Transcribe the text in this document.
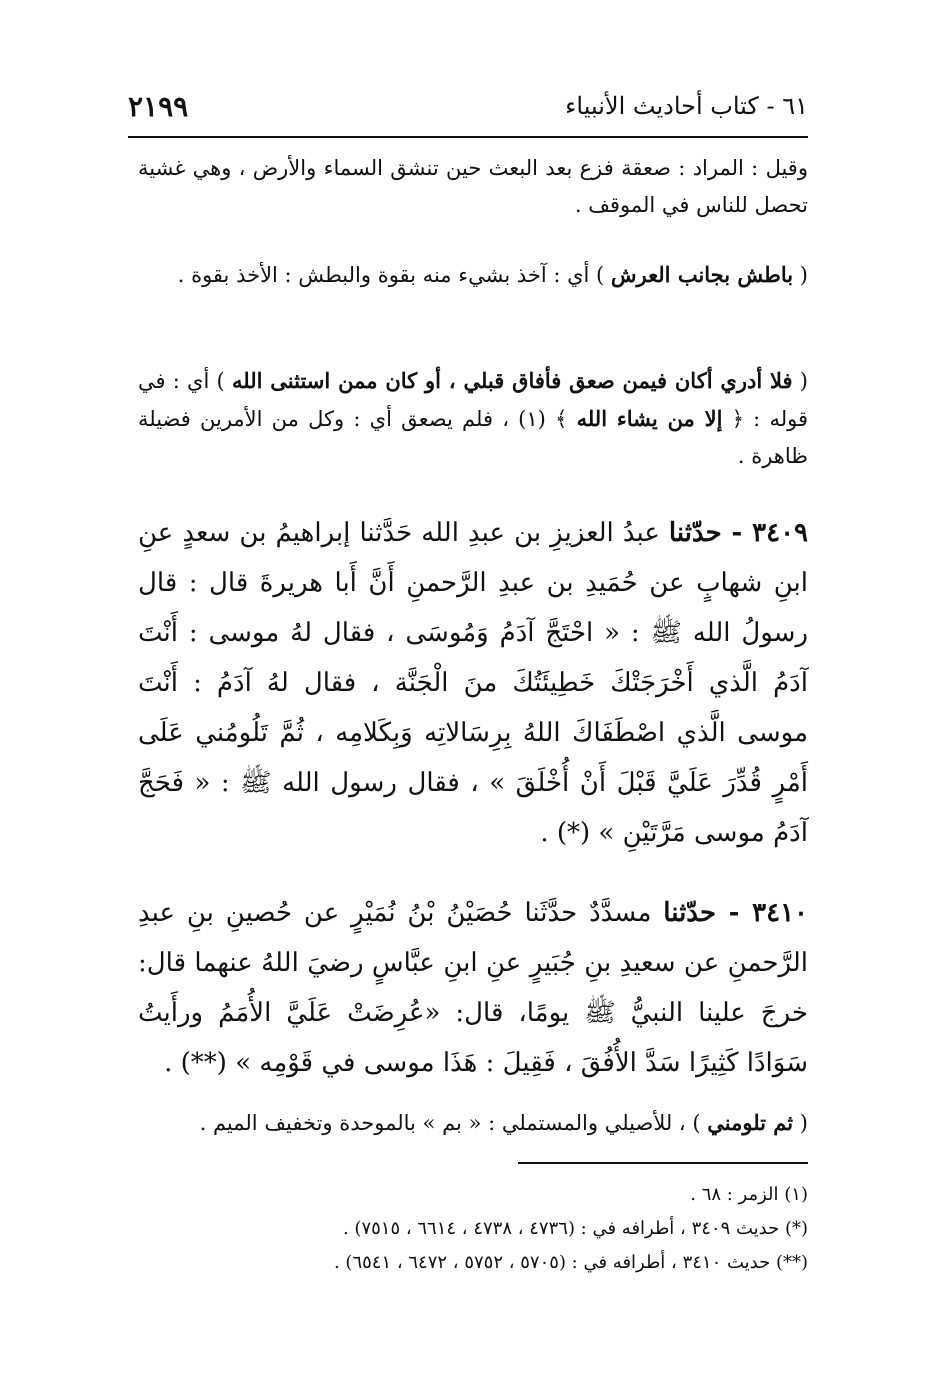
٦١ - كتاب أحاديث الأنبياء
٢١٩٩
وقيل : المراد : صعقة فزع بعد البعث حين تنشق السماء والأرض ، وهي غشية تحصل للناس في الموقف .
( باطش بجانب العرش ) أي : آخذ بشيء منه بقوة والبطش : الأخذ بقوة .
( فلا أدري أكان فيمن صعق فأفاق قبلي ، أو كان ممن استثنى الله ) أي : في قوله : ﴿ إلا من يشاء الله ﴾ (١) ، فلم يصعق أي : وكل من الأمرين فضيلة ظاهرة .
٣٤٠٩ - حدّثنا عبدُ العزيزِ بن عبدِ الله حَدَّثنا إبراهيمُ بن سعدٍ عنِ ابنِ شهابٍ عن حُمَيدِ بن عبدِ الرَّحمنِ أَنَّ أَبا هريرةَ قال : قال رسولُ الله ﷺ : « احْتَجَّ آدَمُ وَمُوسَى ، فقال لهُ موسى : أَنْتَ آدَمُ الَّذي أَخْرَجَتْكَ خَطِيئَتُكَ منَ الْجَنَّة ، فقال لهُ آدَمُ : أَنْتَ موسى الَّذي اصْطَفَاكَ اللهُ بِرِسَالاتِه وَبِكَلامِه ، ثُمَّ تَلُومُني عَلَى أَمْرٍ قُدِّرَ عَلَيَّ قَبْلَ أَنْ أُخْلَقَ » ، فقال رسول الله ﷺ : « فَحَجَّ آدَمُ موسى مَرَّتَيْنِ » (*) .
٣٤١٠ - حدّثنا مسدَّدٌ حدَّثَنا حُصَيْنُ بْنُ نُمَيْرٍ عن حُصينِ بنِ عبدِ الرَّحمنِ عن سعيدِ بنِ جُبَيرٍ عنِ ابنِ عبَّاسٍ رضيَ اللهُ عنهما قال: خرجَ علينا النبيُّ ﷺ يومًا، قال: «عُرِضَتْ عَلَيَّ الأُمَمُ ورأَيتُ سَوَادًا كَثِيرًا سَدَّ الأُفُقَ ، فَقِيلَ : هَذَا موسى في قَوْمِه » (**) .
( ثم تلومني ) ، للأصيلي والمستملي : « بم » بالموحدة وتخفيف الميم .
(١) الزمر : ٦٨ .
(*) حديث ٣٤٠٩ ، أطرافه في : (٤٧٣٦ ، ٤٧٣٨ ، ٦٦١٤ ، ٧٥١٥) .
(**) حديث ٣٤١٠ ، أطرافه في : (٥٧٠٥ ، ٥٧٥٢ ، ٦٤٧٢ ، ٦٥٤١) .
